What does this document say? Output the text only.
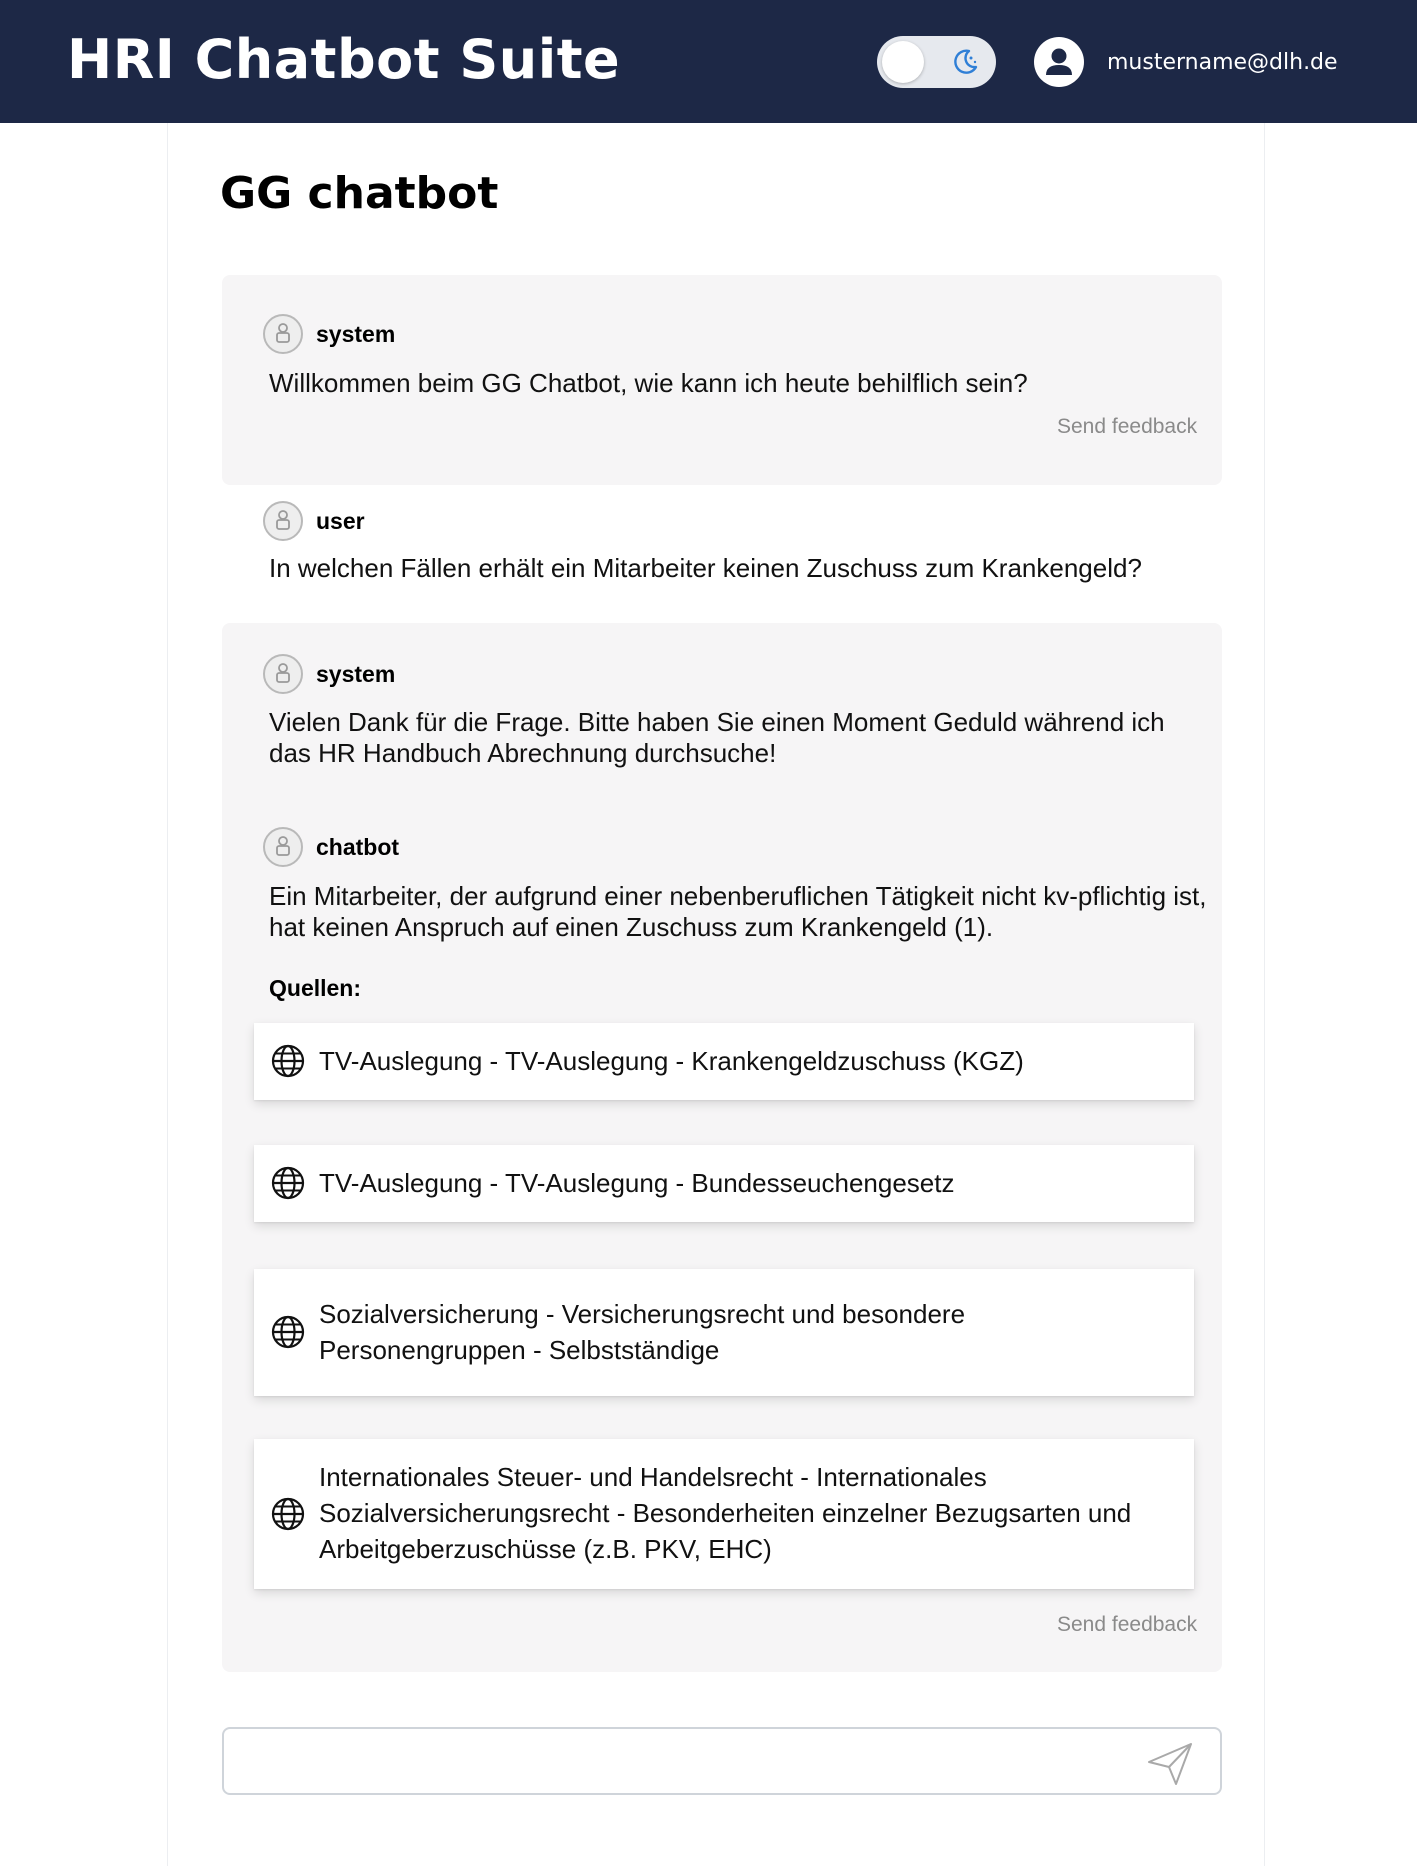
HRI Chatbot Suite	mustername@dlh.de
GG chatbot
system
Willkommen beim GG Chatbot, wie kann ich heute behilflich sein?
Send feedback
user
In welchen Fällen erhält ein Mitarbeiter keinen Zuschuss zum Krankengeld?
system
Vielen Dank für die Frage. Bitte haben Sie einen Moment Geduld während ich das HR Handbuch Abrechnung durchsuche!
chatbot
Ein Mitarbeiter, der aufgrund einer nebenberuflichen Tätigkeit nicht kv-pflichtig ist, hat keinen Anspruch auf einen Zuschuss zum Krankengeld (1).
Quellen:
Send feedback
TV-Auslegung - TV-Auslegung - Krankengeldzuschuss (KGZ)
TV-Auslegung - TV-Auslegung - Bundesseuchengesetz
Sozialversicherung - Versicherungsrecht und besondere Personengruppen - Selbstständige
Internationales Steuer- und Handelsrecht - Internationales Sozialversicherungsrecht - Besonderheiten einzelner Bezugsarten und Arbeitgeberzuschüsse (z.B. PKV, EHC)
